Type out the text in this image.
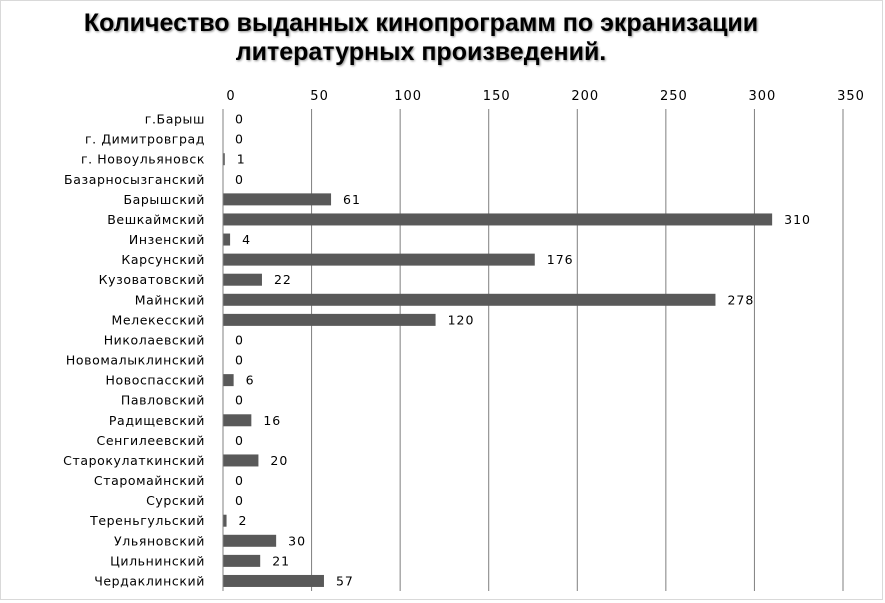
Количество выданных кинопрограмм по экранизации литературных произведений.
0	50	100	150	200	250	300	350
г.Барыш
г. Димитровград
г. Новоульяновск
Базарносызганский
Барышский
Вешкаймский
Инзенский
Карсунский
Кузоватовский
Майнский
Мелекесский
Николаевский
Новомалыклинский
Новоспасский
Павловский
Радищевский
Сенгилеевский
Старокулаткинский
Старомайнский
Сурский
Тереньгульский
Ульяновский
Цильнинский
Чердаклинский
0
0
1
0
61
310
4
176
22
278
120
0
0
6
0
16
0
20
0
0
2
30
21
57
